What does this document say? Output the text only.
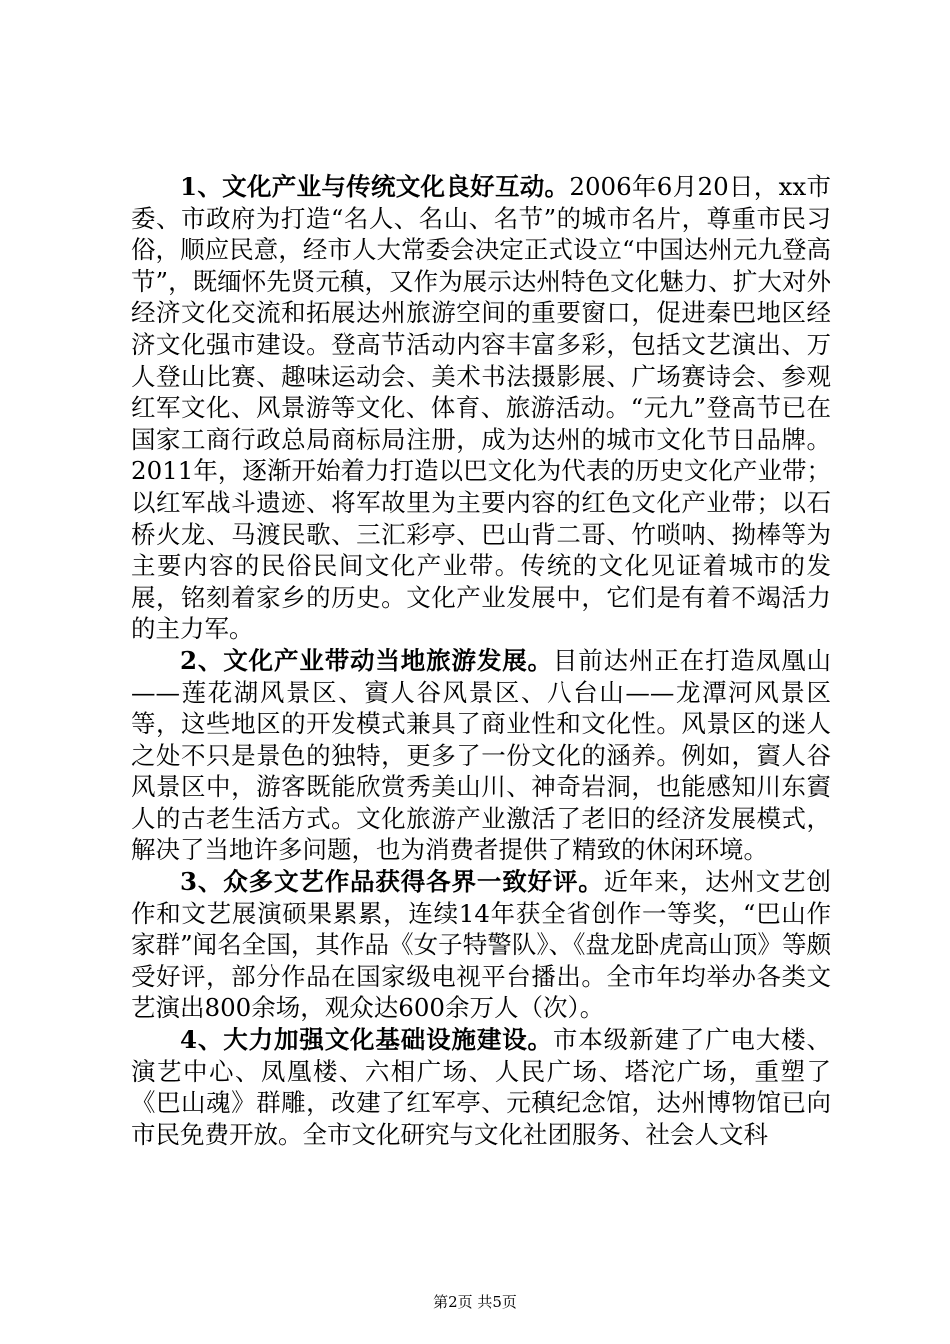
1、文化产业与传统文化良好互动。2006年6月20日，xx市委、市政府为打造“名人、名山、名节”的城市名片，尊重市民习俗，顺应民意，经市人大常委会决定正式设立“中国达州元九登高节”，既缅怀先贤元稹，又作为展示达州特色文化魅力、扩大对外经济文化交流和拓展达州旅游空间的重要窗口，促进秦巴地区经济文化强市建设。登高节活动内容丰富多彩，包括文艺演出、万人登山比赛、趣味运动会、美术书法摄影展、广场赛诗会、参观红军文化、风景游等文化、体育、旅游活动。“元九”登高节已在国家工商行政总局商标局注册，成为达州的城市文化节日品牌。2011年，逐渐开始着力打造以巴文化为代表的历史文化产业带；以红军战斗遗迹、将军故里为主要内容的红色文化产业带；以石桥火龙、马渡民歌、三汇彩亭、巴山背二哥、竹唢呐、拗棒等为主要内容的民俗民间文化产业带。传统的文化见证着城市的发展，铭刻着家乡的历史。文化产业发展中，它们是有着不竭活力的主力军。

2、文化产业带动当地旅游发展。目前达州正在打造凤凰山——莲花湖风景区、賨人谷风景区、八台山——龙潭河风景区等，这些地区的开发模式兼具了商业性和文化性。风景区的迷人之处不只是景色的独特，更多了一份文化的涵养。例如，賨人谷风景区中，游客既能欣赏秀美山川、神奇岩洞，也能感知川东賨人的古老生活方式。文化旅游产业激活了老旧的经济发展模式，解决了当地许多问题，也为消费者提供了精致的休闲环境。

3、众多文艺作品获得各界一致好评。近年来，达州文艺创作和文艺展演硕果累累，连续14年获全省创作一等奖，“巴山作家群”闻名全国，其作品《女子特警队》、《盘龙卧虎高山顶》等颇受好评，部分作品在国家级电视平台播出。全市年均举办各类文艺演出800余场，观众达600余万人（次）。

4、大力加强文化基础设施建设。市本级新建了广电大楼、演艺中心、凤凰楼、六相广场、人民广场、塔沱广场，重塑了《巴山魂》群雕，改建了红军亭、元稹纪念馆，达州博物馆已向市民免费开放。全市文化研究与文化社团服务、社会人文科

第2页 共5页
